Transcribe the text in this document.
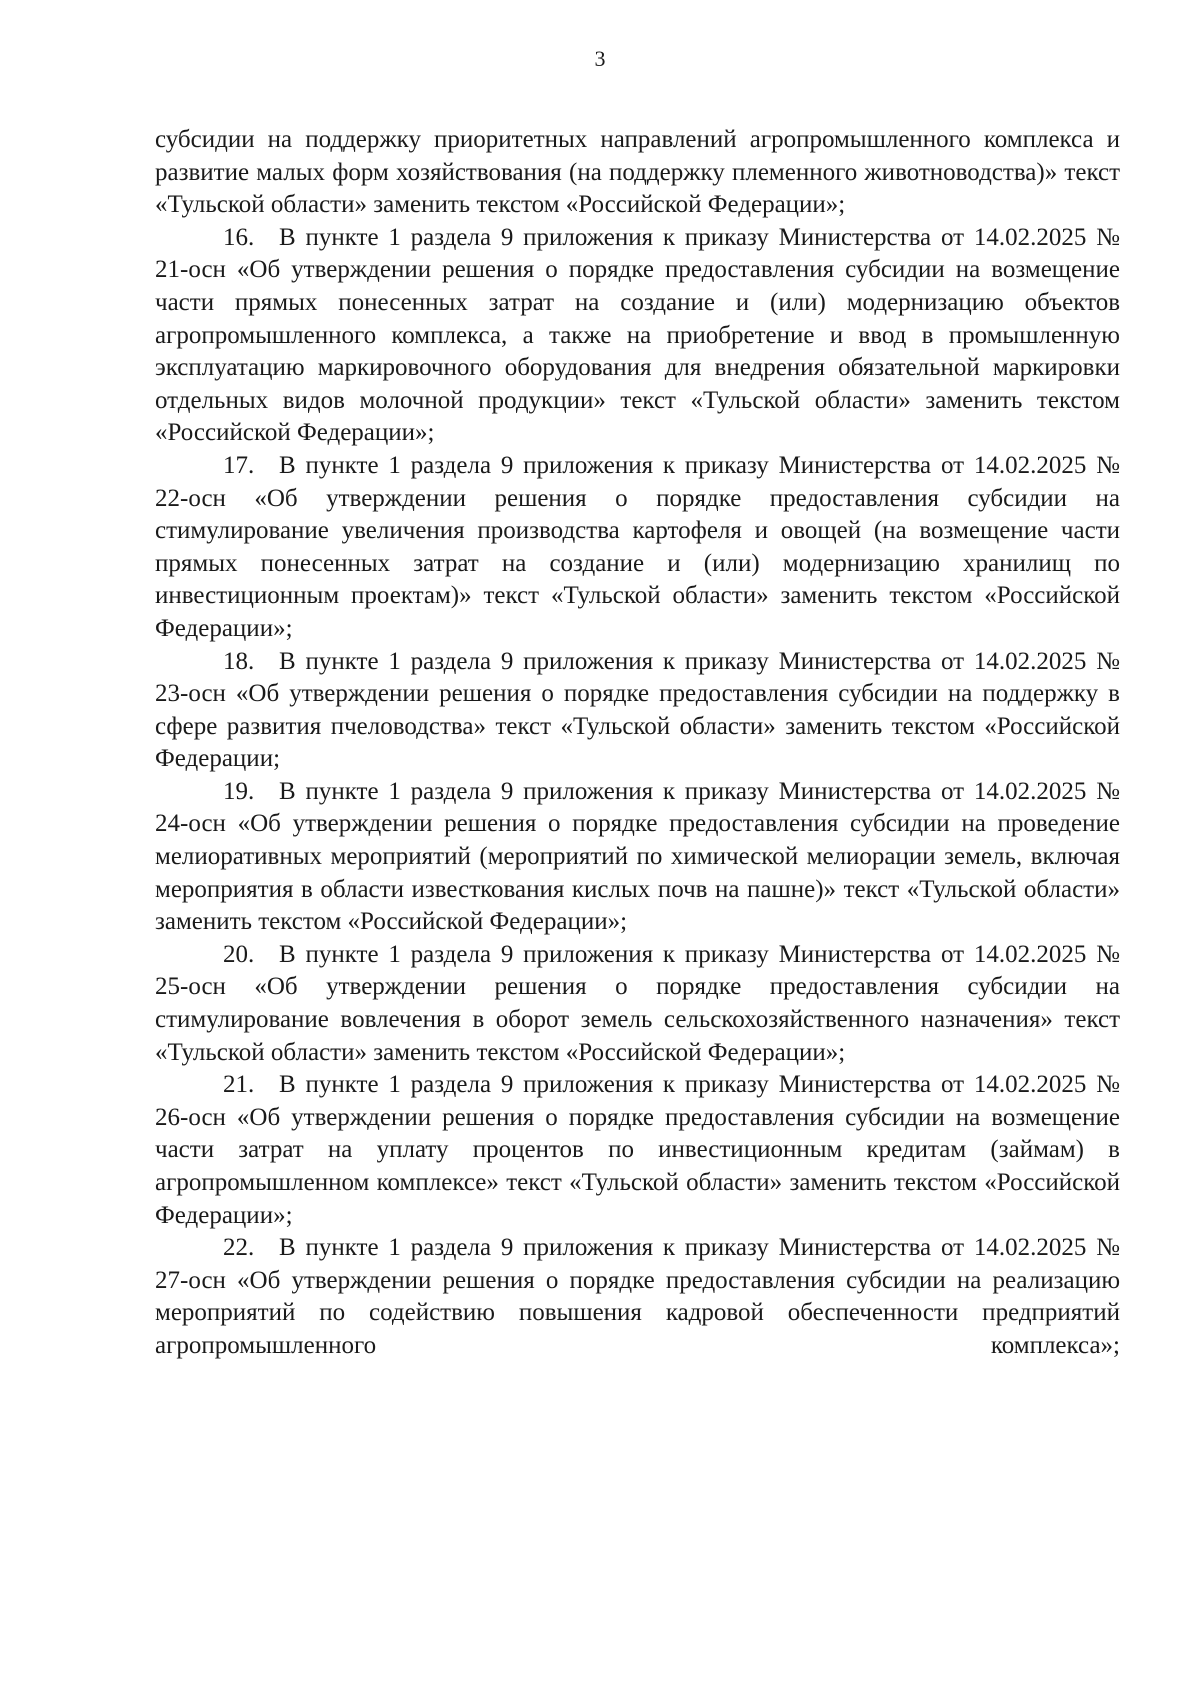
3

субсидии на поддержку приоритетных направлений агропромышленного комплекса и развитие малых форм хозяйствования (на поддержку племенного животноводства)» текст «Тульской области» заменить текстом «Российской Федерации»;

16. В пункте 1 раздела 9 приложения к приказу Министерства от 14.02.2025 № 21-осн «Об утверждении решения о порядке предоставления субсидии на возмещение части прямых понесенных затрат на создание и (или) модернизацию объектов агропромышленного комплекса, а также на приобретение и ввод в промышленную эксплуатацию маркировочного оборудования для внедрения обязательной маркировки отдельных видов молочной продукции» текст «Тульской области» заменить текстом «Российской Федерации»;

17. В пункте 1 раздела 9 приложения к приказу Министерства от 14.02.2025 № 22-осн «Об утверждении решения о порядке предоставления субсидии на стимулирование увеличения производства картофеля и овощей (на возмещение части прямых понесенных затрат на создание и (или) модернизацию хранилищ по инвестиционным проектам)» текст «Тульской области» заменить текстом «Российской Федерации»;

18. В пункте 1 раздела 9 приложения к приказу Министерства от 14.02.2025 № 23-осн «Об утверждении решения о порядке предоставления субсидии на поддержку в сфере развития пчеловодства» текст «Тульской области» заменить текстом «Российской Федерации;

19. В пункте 1 раздела 9 приложения к приказу Министерства от 14.02.2025 № 24-осн «Об утверждении решения о порядке предоставления субсидии на проведение мелиоративных мероприятий (мероприятий по химической мелиорации земель, включая мероприятия в области известкования кислых почв на пашне)» текст «Тульской области» заменить текстом «Российской Федерации»;

20. В пункте 1 раздела 9 приложения к приказу Министерства от 14.02.2025 № 25-осн «Об утверждении решения о порядке предоставления субсидии на стимулирование вовлечения в оборот земель сельскохозяйственного назначения» текст «Тульской области» заменить текстом «Российской Федерации»;

21. В пункте 1 раздела 9 приложения к приказу Министерства от 14.02.2025 № 26-осн «Об утверждении решения о порядке предоставления субсидии на возмещение части затрат на уплату процентов по инвестиционным кредитам (займам) в агропромышленном комплексе» текст «Тульской области» заменить текстом «Российской Федерации»;

22. В пункте 1 раздела 9 приложения к приказу Министерства от 14.02.2025 № 27-осн «Об утверждении решения о порядке предоставления субсидии на реализацию мероприятий по содействию повышения кадровой обеспеченности предприятий агропромышленного комплекса»;
